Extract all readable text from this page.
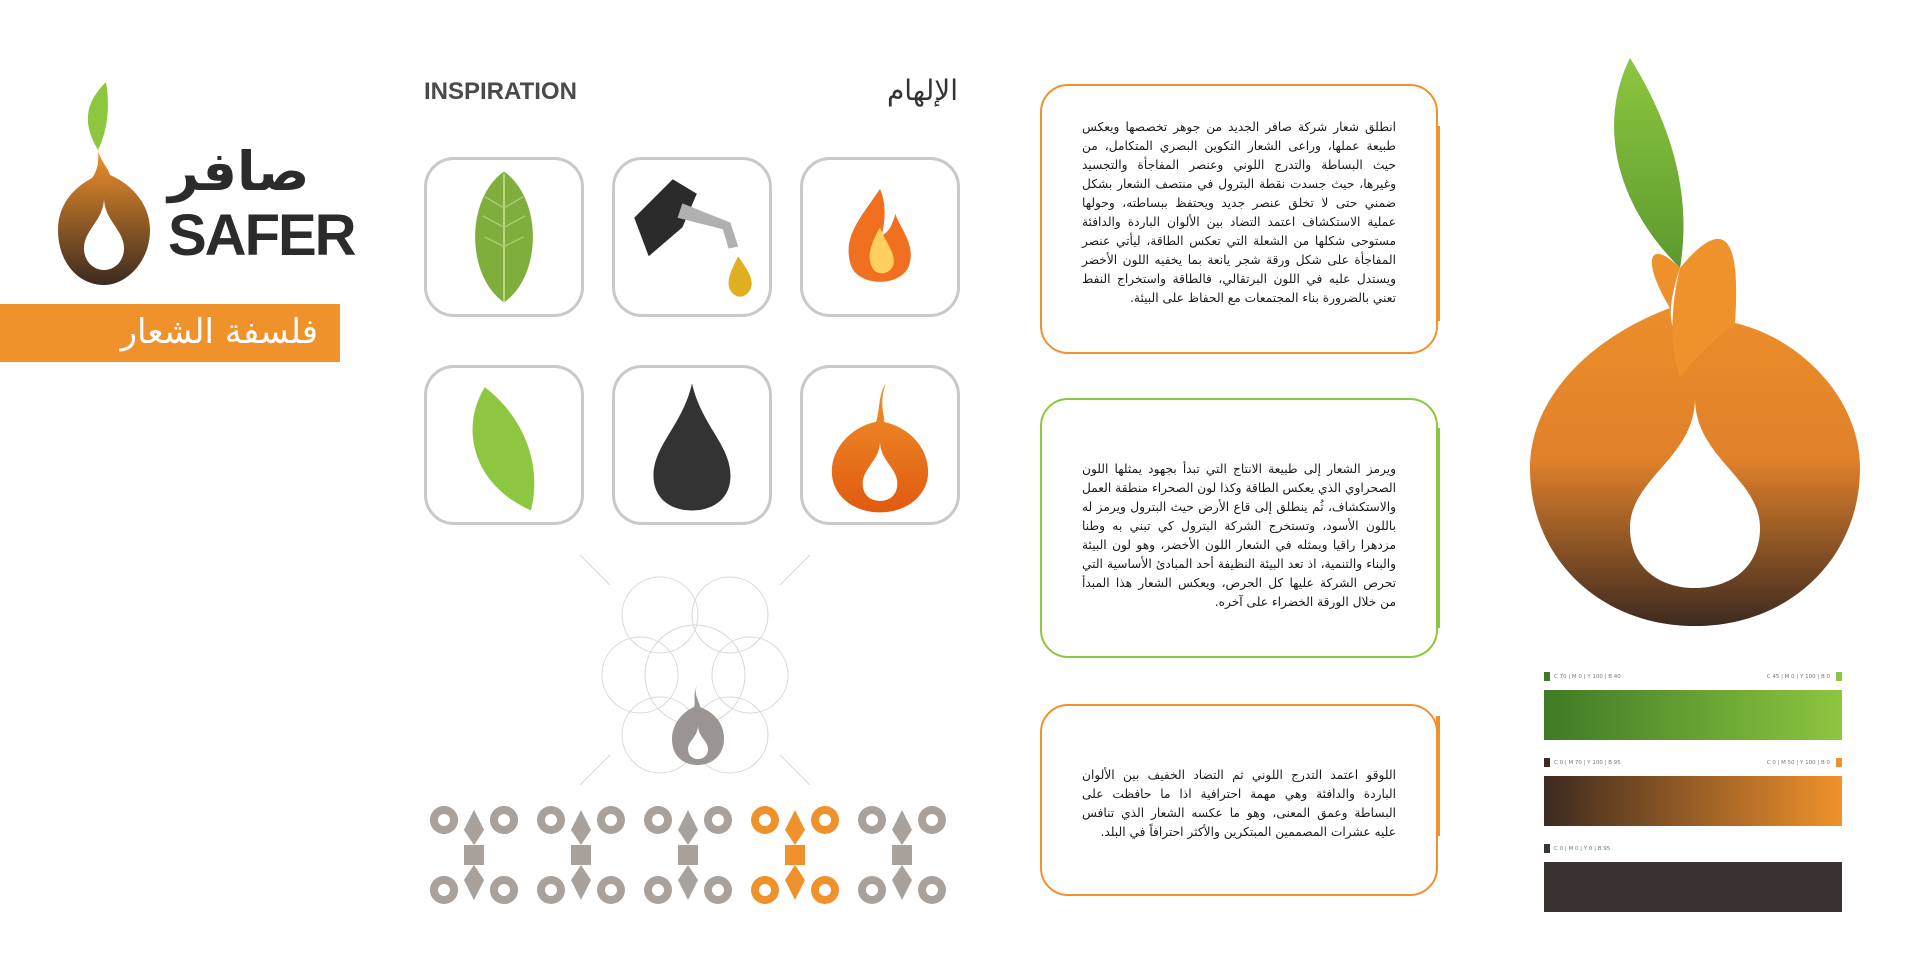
صافر
SAFER
فلسفة الشعار
INSPIRATION	الإلهام

انطلق شعار شركة صافر الجديد من جوهر تخصصها ويعكس طبيعة عملها، وراعى الشعار التكوين البصري المتكامل، من حيث البساطة والتدرج اللوني وعنصر المفاجأة والتجسيد وغيرها، حيث جسدت نقطة البترول في منتصف الشعار بشكل ضمني حتى لا تخلق عنصر جديد ويحتفظ ببساطته، وحولها عملية الاستكشاف اعتمد التضاد بين الألوان الباردة والدافئة مستوحى شكلها من الشعلة التي تعكس الطاقة، ليأتي عنصر المفاجأة على شكل ورقة شجر يانعة بما يخفيه اللون الأخضر ويستدل عليه في اللون البرتقالي، فالطاقة واستخراج النفط تعني بالضرورة بناء المجتمعات مع الحفاظ على البيئة.

ويرمز الشعار إلى طبيعة الانتاج التي تبدأ بجهود يمثلها اللون الصحراوي الذي يعكس الطاقة وكذا لون الصحراء منطقة العمل والاستكشاف، ثُم ينطلق إلى قاع الأرض حيث البترول ويرمز له باللون الأسود، وتستخرج الشركة البترول كي تبني به وطنا مزدهرا راقيا ويمثله في الشعار اللون الأخضر، وهو لون البيئة والبناء والتنمية، اذ تعد البيئة النظيفة أحد المبادئ الأساسية التي تحرص الشركة عليها كل الحرص، ويعكس الشعار هذا المبدأ من خلال الورقة الخضراء على آخره.

اللوقو اعتمد التدرج اللوني ثم التضاد الخفيف بين الألوان الباردة والدافئة وهي مهمة احترافية اذا ما حافظت على البساطة وعمق المعنى، وهو ما عكسه الشعار الذي تنافس عليه عشرات المصممين المبتكرين والأكثر احترافاً في البلد.

C 70 | M 0 | Y 100 | B 40	C 45 | M 0 | Y 100 | B 0
C 0 | M 70 | Y 100 | B 95	C 0 | M 50 | Y 100 | B 0
C 0 | M 0 | Y 0 | B 95
